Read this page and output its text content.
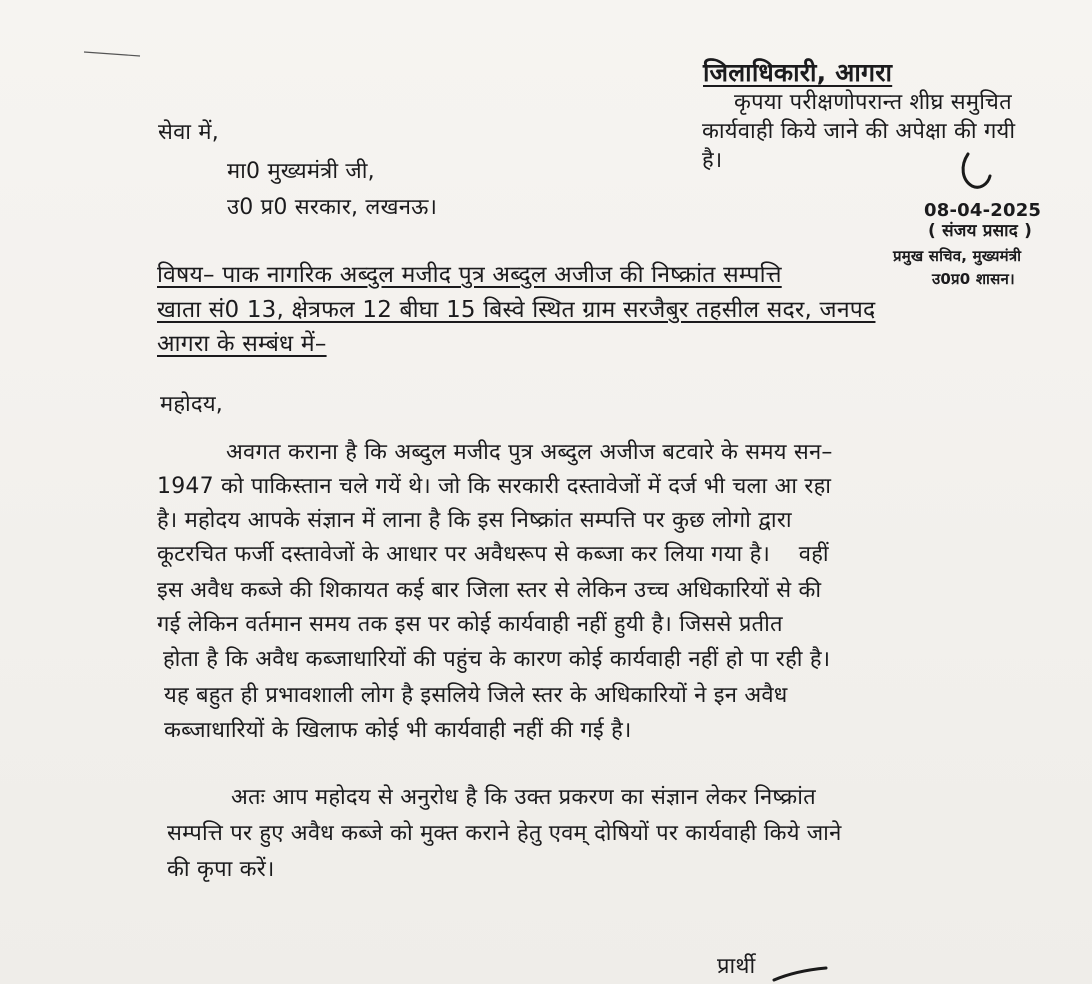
जिलाधिकारी, आगरा
कृपया परीक्षणोपरान्त शीघ्र समुचित
कार्यवाही किये जाने की अपेक्षा की गयी
है।
08-04-2025
( संजय प्रसाद )
प्रमुख सचिव, मुख्यमंत्री
उ0प्र0 शासन।
सेवा में,
मा0 मुख्यमंत्री जी,
उ0 प्र0 सरकार, लखनऊ।
विषय– पाक नागरिक अब्दुल मजीद पुत्र अब्दुल अजीज की निष्क्रांत सम्पत्ति
खाता सं0 13, क्षेत्रफल 12 बीघा 15 बिस्वे स्थित ग्राम सरजैबुर तहसील सदर, जनपद
आगरा के सम्बंध में–
महोदय,
अवगत कराना है कि अब्दुल मजीद पुत्र अब्दुल अजीज बटवारे के समय सन–
1947 को पाकिस्तान चले गयें थे। जो कि सरकारी दस्तावेजों में दर्ज भी चला आ रहा
है। महोदय आपके संज्ञान में लाना है कि इस निष्क्रांत सम्पत्ति पर कुछ लोगो द्वारा
कूटरचित फर्जी दस्तावेजों के आधार पर अवैधरूप से कब्जा कर लिया गया है।    वहीं
इस अवैध कब्जे की शिकायत कई बार जिला स्तर से लेकिन उच्च अधिकारियों से की
गई लेकिन वर्तमान समय तक इस पर कोई कार्यवाही नहीं हुयी है। जिससे प्रतीत
होता है कि अवैध कब्जाधारियों की पहुंच के कारण कोई कार्यवाही नहीं हो पा रही है।
यह बहुत ही प्रभावशाली लोग है इसलिये जिले स्तर के अधिकारियों ने इन अवैध
कब्जाधारियों के खिलाफ कोई भी कार्यवाही नहीं की गई है।
अतः आप महोदय से अनुरोध है कि उक्त प्रकरण का संज्ञान लेकर निष्क्रांत
सम्पत्ति पर हुए अवैध कब्जे को मुक्त कराने हेतु एवम् दोषियों पर कार्यवाही किये जाने
की कृपा करें।
प्रार्थी
